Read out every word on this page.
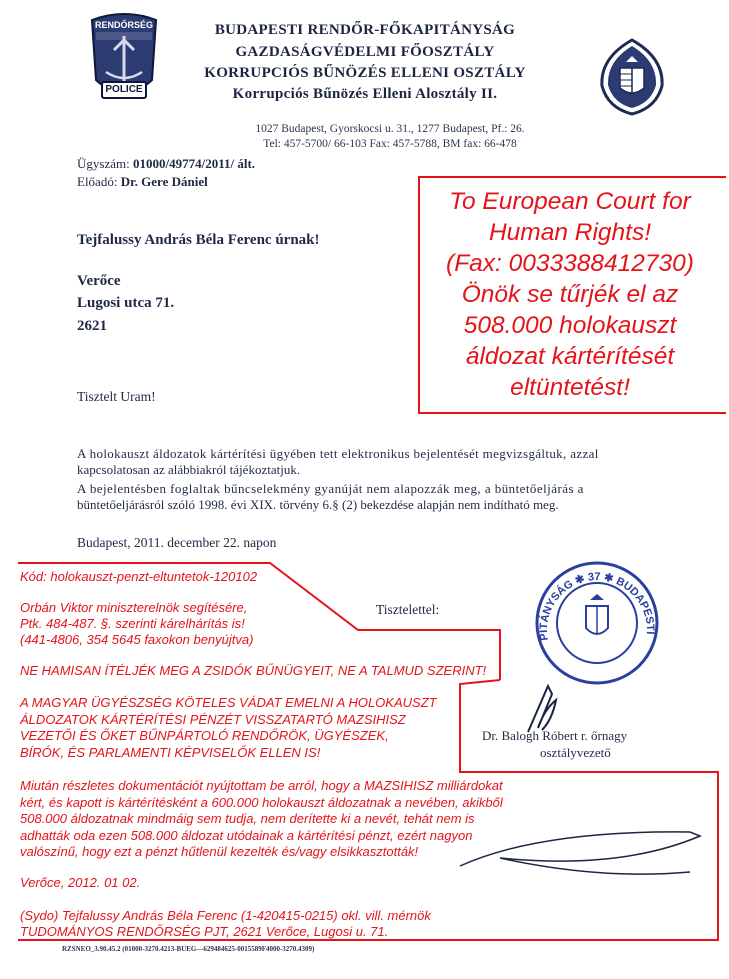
RENDŐRSÉG
POLICE
BUDAPESTI RENDŐR-FŐKAPITÁNYSÁG
GAZDASÁGVÉDELMI FŐOSZTÁLY
KORRUPCIÓS BŰNÖZÉS ELLENI OSZTÁLY
Korrupciós Bűnözés Elleni Alosztály II.
1027 Budapest, Gyorskocsi u. 31., 1277 Budapest, Pf.: 26.
Tel: 457-5700/ 66-103 Fax: 457-5788, BM fax: 66-478
Ügyszám: 01000/49774/2011/ ált.
Előadó: Dr. Gere Dániel
Tejfalussy András Béla Ferenc úrnak!
Verőce
Lugosi utca 71.
2621
To European Court for
Human Rights!
(Fax: 0033388412730)
Önök se tűrjék el az
508.000 holokauszt
áldozat kártérítését
eltüntetést!
Tisztelt Uram!
A holokauszt áldozatok kártérítési ügyében tett elektronikus bejelentését megvizsgáltuk, azzal
kapcsolatosan az alábbiakról tájékoztatjuk.
A bejelentésben foglaltak bűncselekmény gyanúját nem alapozzák meg, a büntetőeljárás a
büntetőeljárásról szóló 1998. évi XIX. törvény 6.§ (2) bekezdése alapján nem indítható meg.
Budapest, 2011. december 22. napon
Tisztelettel:
Dr. Balogh Róbert r. őrnagy
osztályvezető
PITÁNYSÁG ✱ 37 ✱ BUDAPESTI
Kód: holokauszt-penzt-eltuntetok-120102
Orbán Viktor miniszterelnök segítésére,
Ptk. 484-487. §. szerinti kárelhárítás is!
(441-4806, 354 5645 faxokon benyújtva)
NE HAMISAN ÍTÉLJÉK MEG A ZSIDÓK BŰNÜGYEIT, NE A TALMUD SZERINT!
A MAGYAR ÜGYÉSZSÉG KÖTELES VÁDAT EMELNI A HOLOKAUSZT
ÁLDOZATOK KÁRTÉRÍTÉSI PÉNZÉT VISSZATARTÓ MAZSIHISZ
VEZETŐI ÉS ŐKET BŰNPÁRTOLÓ RENDŐRÖK, ÜGYÉSZEK,
BÍRÓK, ÉS PARLAMENTI KÉPVISELŐK ELLEN IS!
Miután részletes dokumentációt nyújtottam be arról, hogy a MAZSIHISZ milliárdokat
kért, és kapott is kártérítésként a 600.000 holokauszt áldozatnak a nevében, akikből
508.000 áldozatnak mindmáig sem tudja, nem derítette ki a nevét, tehát nem is
adhatták oda ezen 508.000 áldozat utódainak a kártérítési pénzt, ezért nagyon
valószínű, hogy ezt a pénzt hűtlenül kezelték és/vagy elsikkasztották!
Verőce, 2012. 01 02.
(Sydo) Tejfalussy András Béla Ferenc (1-420415-0215) okl. vill. mérnök
TUDOMÁNYOS RENDŐRSÉG PJT, 2621 Verőce, Lugosi u. 71.
RZSNEO_3.90.45.2 (01000-3270.4213-BUEG—629484625-0015589F4000-3270.4309)
